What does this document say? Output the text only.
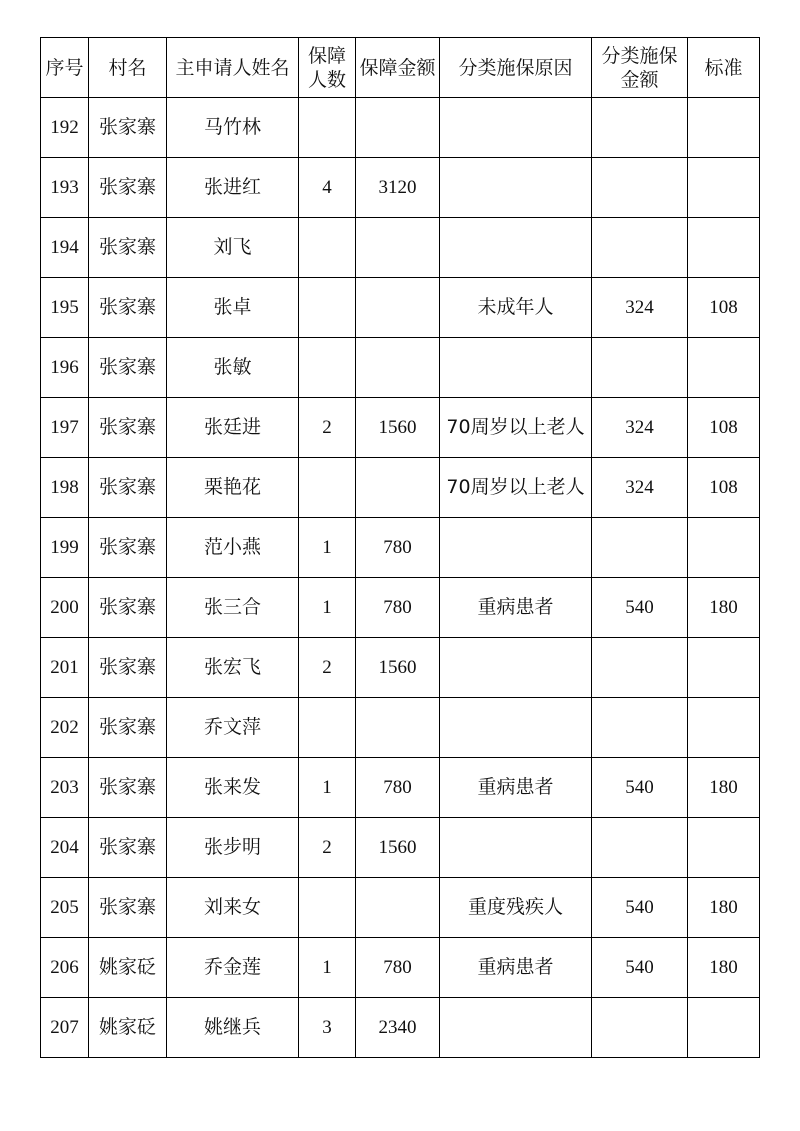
序号	村名	主申请人姓名	保障人数	保障金额	分类施保原因	分类施保金额	标准
192	张家寨	马竹林					
193	张家寨	张进红	4	3120			
194	张家寨	刘飞					
195	张家寨	张卓			未成年人	324	108
196	张家寨	张敏					
197	张家寨	张廷进	2	1560	70周岁以上老人	324	108
198	张家寨	栗艳花			70周岁以上老人	324	108
199	张家寨	范小燕	1	780			
200	张家寨	张三合	1	780	重病患者	540	180
201	张家寨	张宏飞	2	1560			
202	张家寨	乔文萍					
203	张家寨	张来发	1	780	重病患者	540	180
204	张家寨	张步明	2	1560			
205	张家寨	刘来女			重度残疾人	540	180
206	姚家砭	乔金莲	1	780	重病患者	540	180
207	姚家砭	姚继兵	3	2340			
